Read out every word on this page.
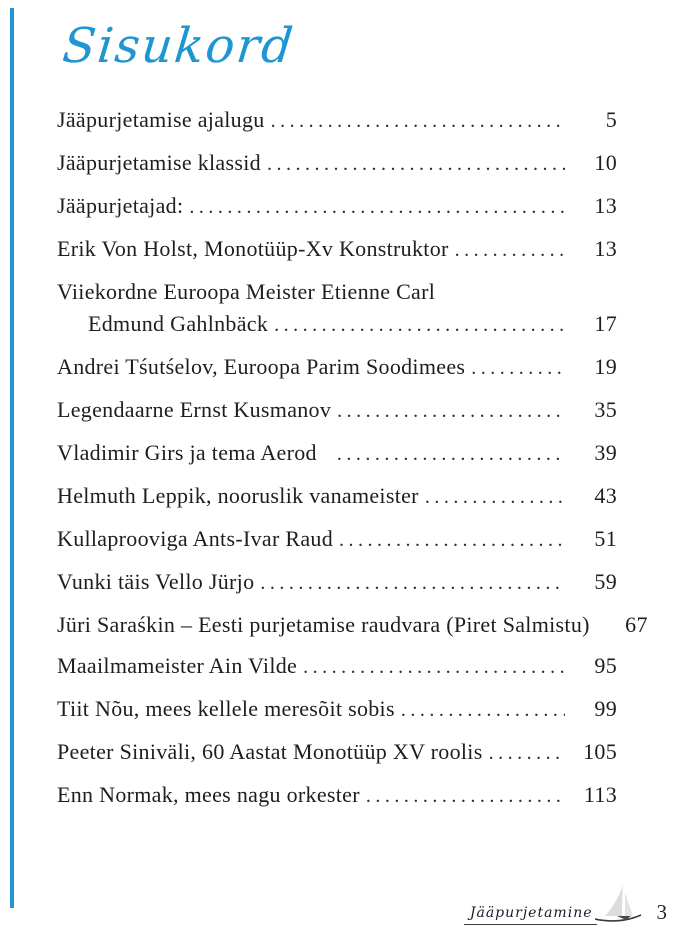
Sisukord
Jääpurjetamise ajalugu .....	5
Jääpurjetamise klassid .....	10
Jääpurjetajad: .....	13
Erik Von Holst, Monotüüp-Xv Konstruktor .....	13
Viiekordne Euroopa Meister Etienne Carl
Edmund Gahlnbäck .....	17
Andrei Tśutśelov, Euroopa Parim Soodimees .....	19
Legendaarne Ernst Kusmanov .....	35
Vladimir Girs ja tema Aerod .....	39
Helmuth Leppik, nooruslik vanameister .....	43
Kullaprooviga Ants-Ivar Raud .....	51
Vunki täis Vello Jürjo .....	59
Jüri Saraśkin – Eesti purjetamise raudvara (Piret Salmistu)	67
Maailmameister Ain Vilde .....	95
Tiit Nõu, mees kellele meresõit sobis .....	99
Peeter Siniväli, 60 Aastat Monotüüp XV roolis .....	105
Enn Normak, mees nagu orkester .....	113
Jääpurjetamine	3
